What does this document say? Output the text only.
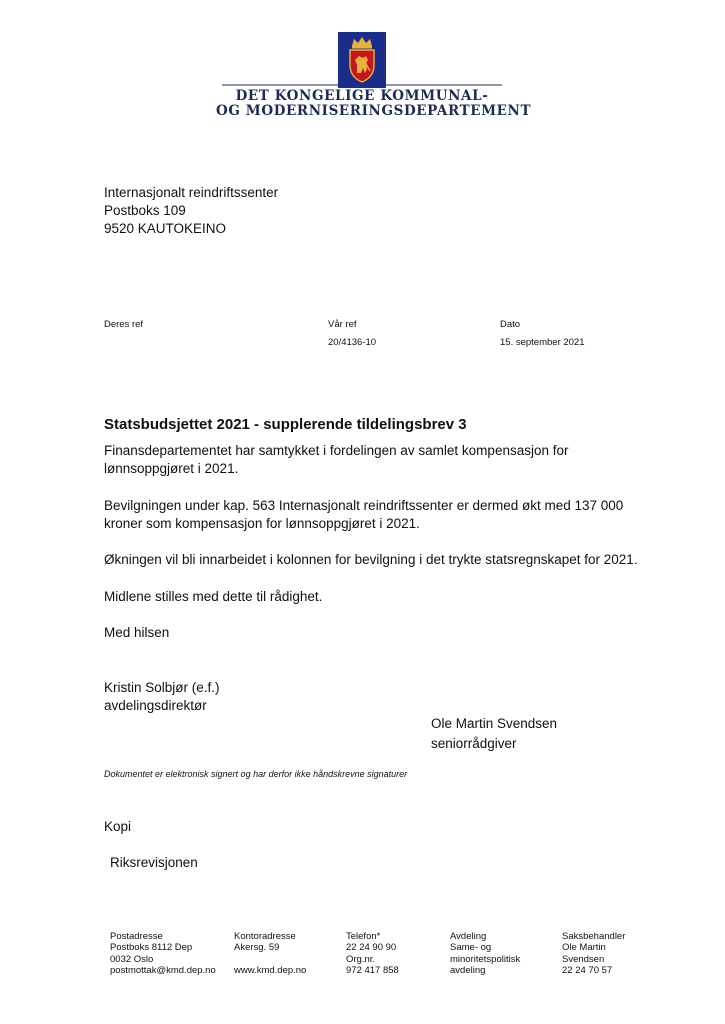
DET KONGELIGE KOMMUNAL-
OG MODERNISERINGSDEPARTEMENT
Internasjonalt reindriftssenter
Postboks 109
9520 KAUTOKEINO
Deres ref	Vår ref
20/4136-10
Dato
15. september 2021
Statsbudsjettet 2021 - supplerende tildelingsbrev 3
Finansdepartementet har samtykket i fordelingen av samlet kompensasjon for lønnsoppgjøret i 2021.
Bevilgningen under kap. 563 Internasjonalt reindriftssenter er dermed økt med 137 000 kroner som kompensasjon for lønnsoppgjøret i 2021.
Økningen vil bli innarbeidet i kolonnen for bevilgning i det trykte statsregnskapet for 2021.
Midlene stilles med dette til rådighet.
Med hilsen
Kristin Solbjør (e.f.)
avdelingsdirektør
Ole Martin Svendsen
seniorrådgiver
Dokumentet er elektronisk signert og har derfor ikke håndskrevne signaturer
Kopi
Riksrevisjonen
Postadresse
Postboks 8112 Dep
0032 Oslo
postmottak@kmd.dep.no
Kontoradresse
Akersg. 59
www.kmd.dep.no
Telefon*
22 24 90 90
Org.nr.
972 417 858
Avdeling
Same- og
minoritetspolitisk
avdeling
Saksbehandler
Ole Martin
Svendsen
22 24 70 57
